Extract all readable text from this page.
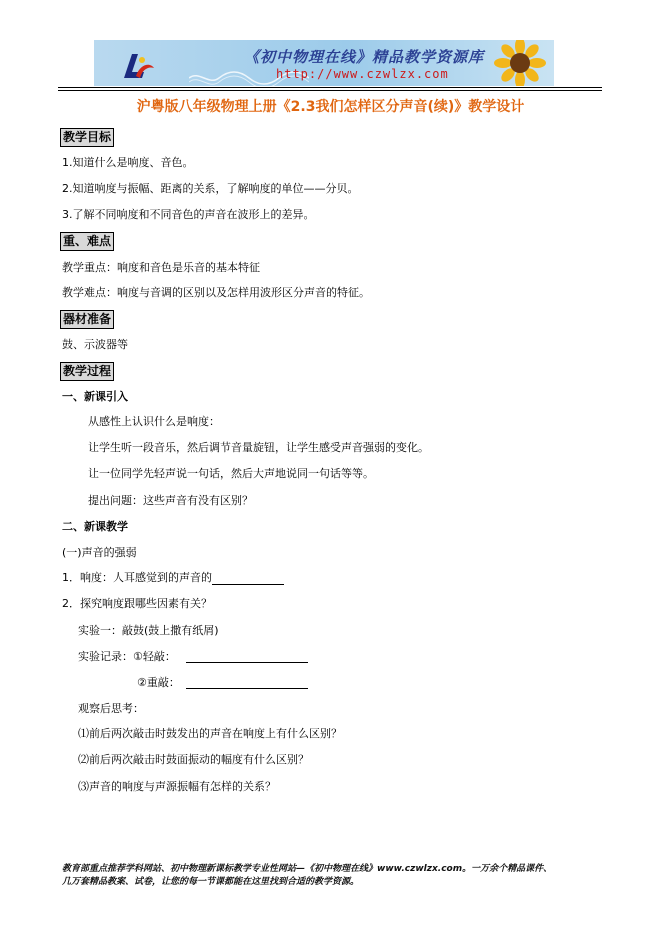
《初中物理在线》精品教学资源库
http://www.czwlzx.com
沪粤版八年级物理上册《2.3我们怎样区分声音(续)》教学设计
教学目标
1.知道什么是响度、音色。
2.知道响度与振幅、距离的关系，了解响度的单位——分贝。
3.了解不同响度和不同音色的声音在波形上的差异。
重、难点
教学重点：响度和音色是乐音的基本特征
教学难点：响度与音调的区别以及怎样用波形区分声音的特征。
器材准备
鼓、示波器等
教学过程
一、新课引入
从感性上认识什么是响度：
让学生听一段音乐，然后调节音量旋钮，让学生感受声音强弱的变化。
让一位同学先轻声说一句话，然后大声地说同一句话等等。
提出问题：这些声音有没有区别？
二、新课教学
(一)声音的强弱
1．响度：人耳感觉到的声音的
2．探究响度跟哪些因素有关？
实验一：敲鼓(鼓上撒有纸屑)
实验记录：①轻敲：
②重敲：
观察后思考：
⑴前后两次敲击时鼓发出的声音在响度上有什么区别？
⑵前后两次敲击时鼓面振动的幅度有什么区别？
⑶声音的响度与声源振幅有怎样的关系？
教育部重点推荐学科网站、初中物理新课标教学专业性网站—《初中物理在线》www.czwlzx.com。一万余个精品课件、
几万套精品教案、试卷，让您的每一节课都能在这里找到合适的教学资源。
